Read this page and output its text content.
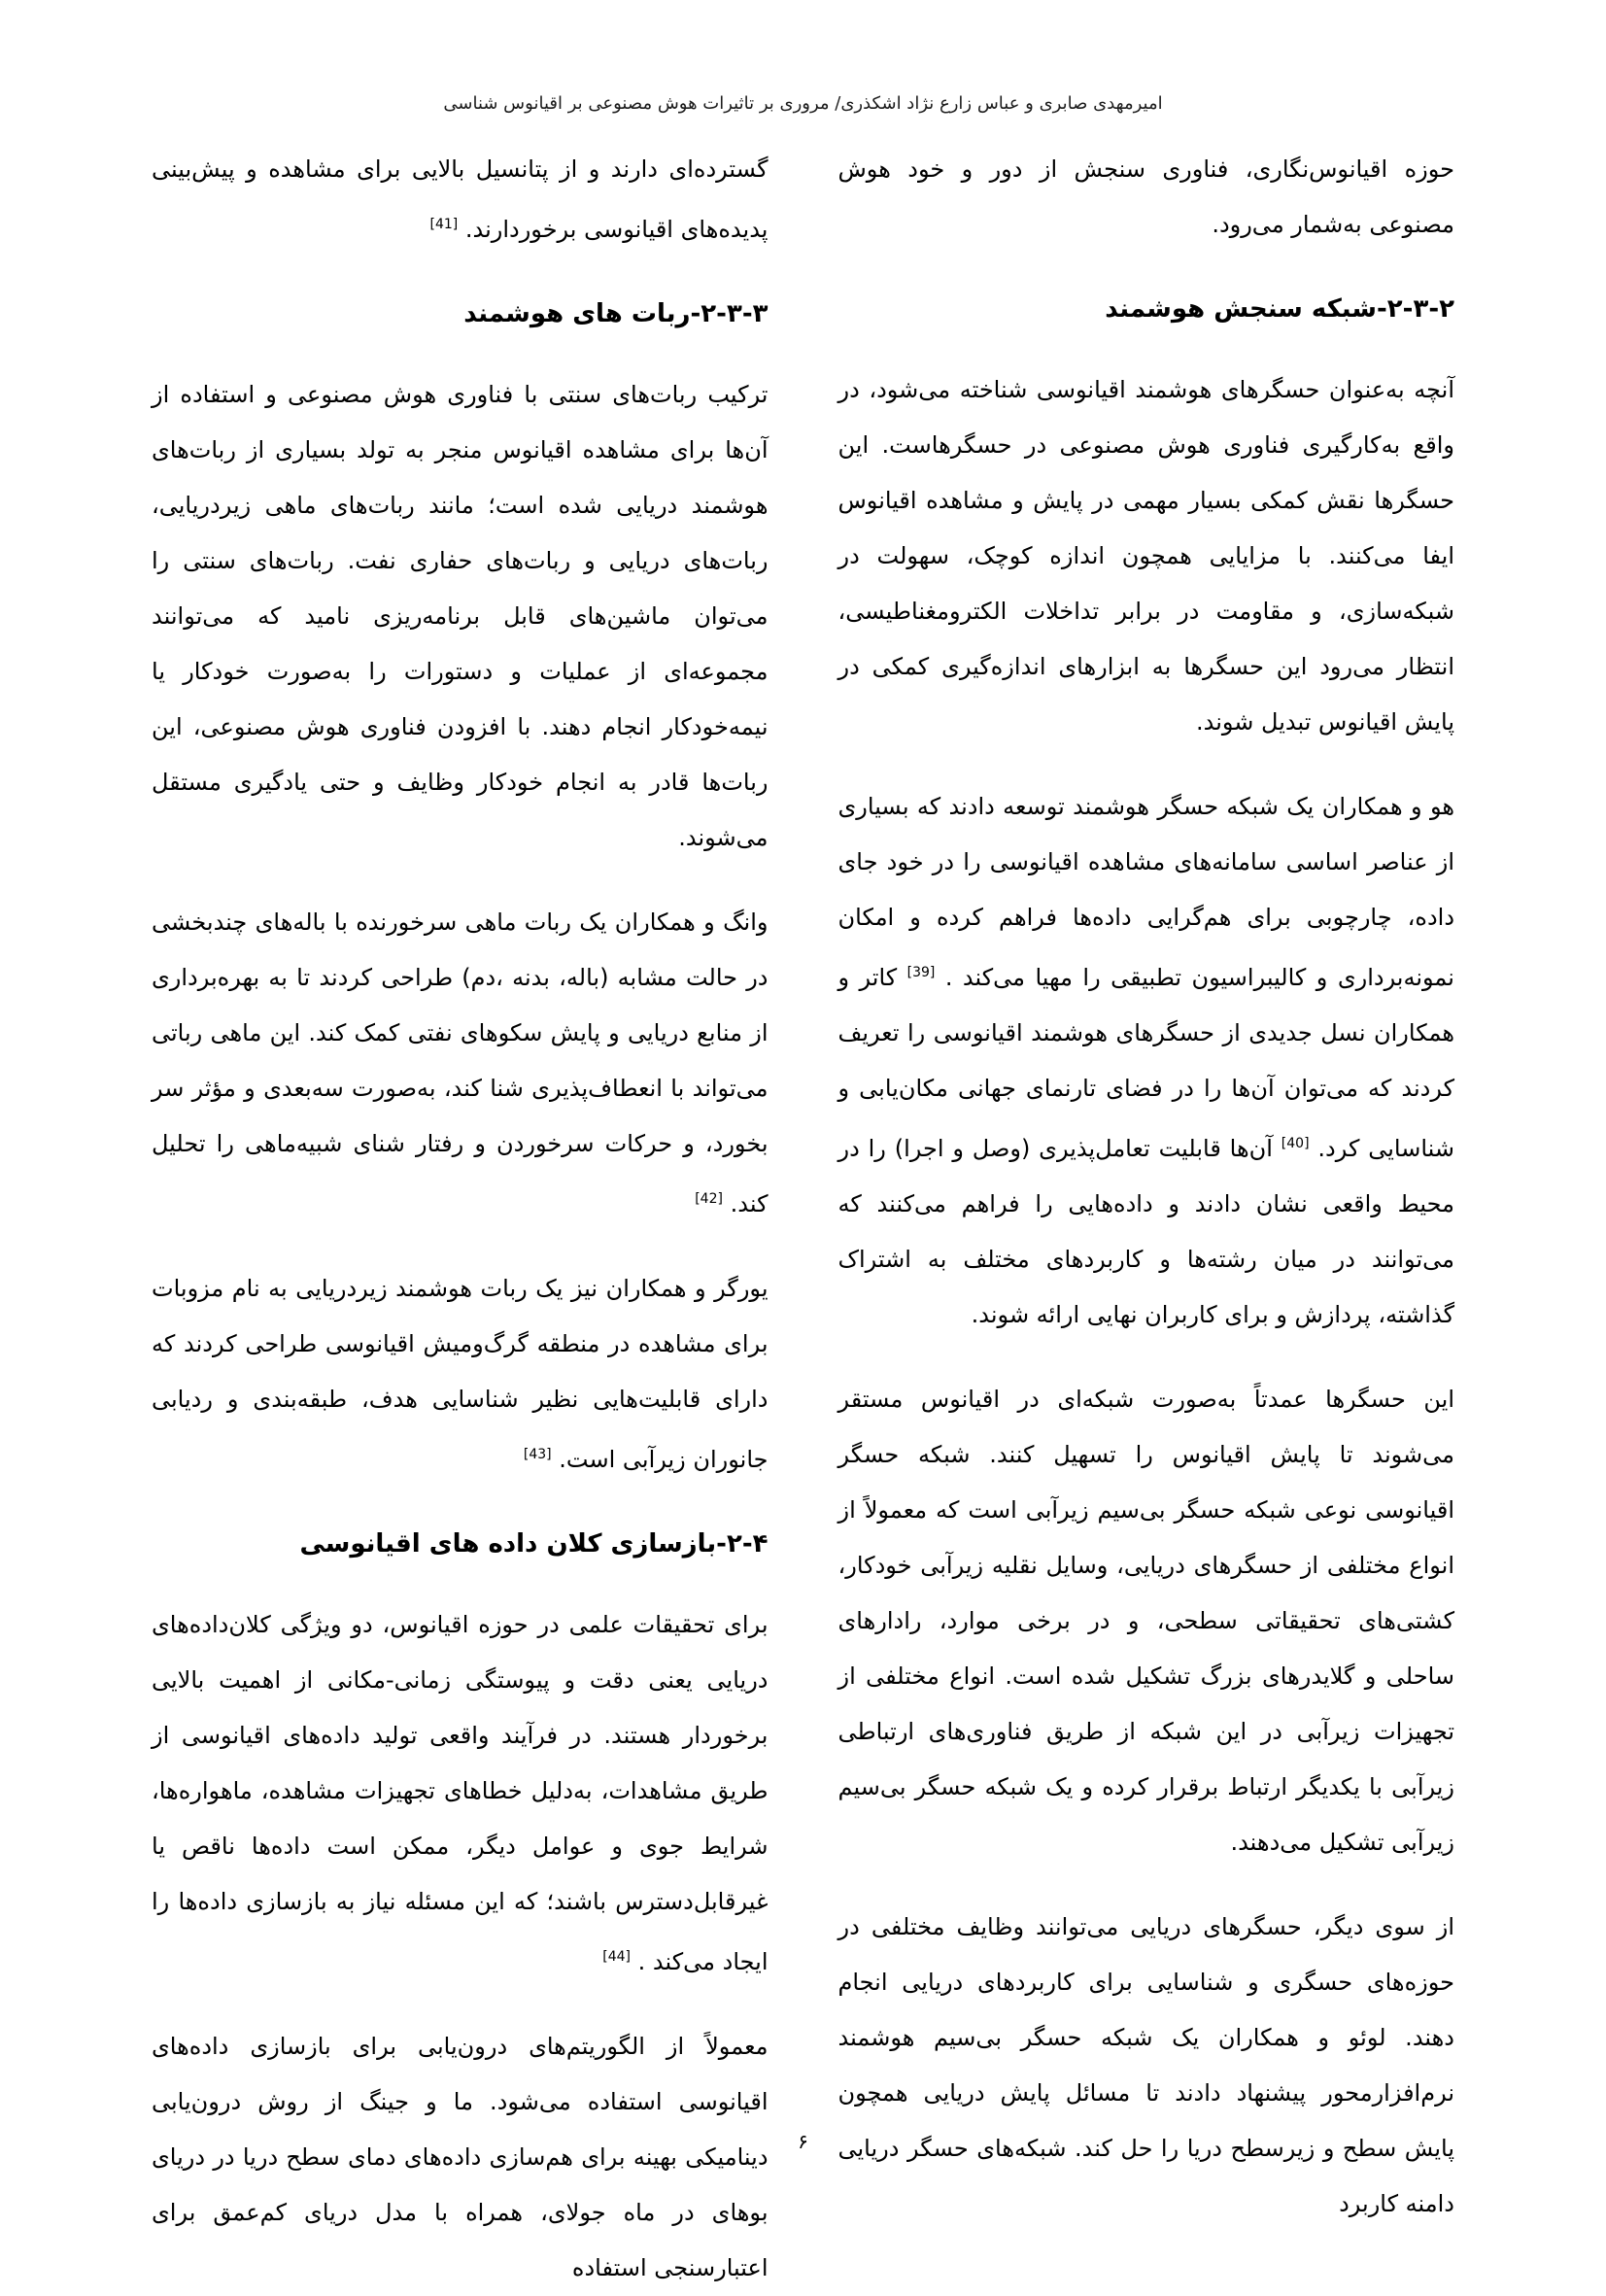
امیرمهدی صابری و عباس زارع نژاد اشکذری/ مروری بر تاثیرات هوش مصنوعی بر اقیانوس شناسی

حوزه اقیانوس‌نگاری، فناوری سنجش از دور و خود هوش مصنوعی به‌شمار می‌رود.

۲-۳-۲-شبکه سنجش هوشمند

آنچه به‌عنوان حسگرهای هوشمند اقیانوسی شناخته می‌شود، در واقع به‌کارگیری فناوری هوش مصنوعی در حسگرهاست. این حسگرها نقش کمکی بسیار مهمی در پایش و مشاهده اقیانوس ایفا می‌کنند. با مزایایی همچون اندازه کوچک، سهولت در شبکه‌سازی، و مقاومت در برابر تداخلات الکترومغناطیسی، انتظار می‌رود این حسگرها به ابزارهای اندازه‌گیری کمکی در پایش اقیانوس تبدیل شوند.

هو و همکاران یک شبکه حسگر هوشمند توسعه دادند که بسیاری از عناصر اساسی سامانه‌های مشاهده اقیانوسی را در خود جای داده، چارچوبی برای هم‌گرایی داده‌ها فراهم کرده و امکان نمونه‌برداری و کالیبراسیون تطبیقی را مهیا می‌کند . [39] کاتر و همکاران نسل جدیدی از حسگرهای هوشمند اقیانوسی را تعریف کردند که می‌توان آن‌ها را در فضای تارنمای جهانی مکان‌یابی و شناسایی کرد. [40] آن‌ها قابلیت تعامل‌پذیری (وصل و اجرا) را در محیط واقعی نشان دادند و داده‌هایی را فراهم می‌کنند که می‌توانند در میان رشته‌ها و کاربردهای مختلف به اشتراک گذاشته، پردازش و برای کاربران نهایی ارائه شوند.

این حسگرها عمدتاً به‌صورت شبکه‌ای در اقیانوس مستقر می‌شوند تا پایش اقیانوس را تسهیل کنند. شبکه حسگر اقیانوسی نوعی شبکه حسگر بی‌سیم زیرآبی است که معمولاً از انواع مختلفی از حسگرهای دریایی، وسایل نقلیه زیرآبی خودکار، کشتی‌های تحقیقاتی سطحی، و در برخی موارد، رادارهای ساحلی و گلایدرهای بزرگ تشکیل شده است. انواع مختلفی از تجهیزات زیرآبی در این شبکه از طریق فناوری‌های ارتباطی زیرآبی با یکدیگر ارتباط برقرار کرده و یک شبکه حسگر بی‌سیم زیرآبی تشکیل می‌دهند.

از سوی دیگر، حسگرهای دریایی می‌توانند وظایف مختلفی در حوزه‌های حسگری و شناسایی برای کاربردهای دریایی انجام دهند. لوئو و همکاران یک شبکه حسگر بی‌سیم هوشمند نرم‌افزارمحور پیشنهاد دادند تا مسائل پایش دریایی همچون پایش سطح و زیرسطح دریا را حل کند. شبکه‌های حسگر دریایی دامنه کاربرد

گسترده‌ای دارند و از پتانسیل بالایی برای مشاهده و پیش‌بینی پدیده‌های اقیانوسی برخوردارند. [41]

۲-۳-۳-ربات های هوشمند

ترکیب ربات‌های سنتی با فناوری هوش مصنوعی و استفاده از آن‌ها برای مشاهده اقیانوس منجر به تولد بسیاری از ربات‌های هوشمند دریایی شده است؛ مانند ربات‌های ماهی زیردریایی، ربات‌های دریایی و ربات‌های حفاری نفت. ربات‌های سنتی را می‌توان ماشین‌های قابل برنامه‌ریزی نامید که می‌توانند مجموعه‌ای از عملیات و دستورات را به‌صورت خودکار یا نیمه‌خودکار انجام دهند. با افزودن فناوری هوش مصنوعی، این ربات‌ها قادر به انجام خودکار وظایف و حتی یادگیری مستقل می‌شوند.

وانگ و همکاران یک ربات ماهی سرخورنده با باله‌های چندبخشی در حالت مشابه (باله، بدنه ،دم) طراحی کردند تا به بهره‌برداری از منابع دریایی و پایش سکوهای نفتی کمک کند. این ماهی رباتی می‌تواند با انعطاف‌پذیری شنا کند، به‌صورت سه‌بعدی و مؤثر سر بخورد، و حرکات سرخوردن و رفتار شنای شبیه‌ماهی را تحلیل کند. [42]

یورگر و همکاران نیز یک ربات هوشمند زیردریایی به نام مزوبات برای مشاهده در منطقه گرگ‌ومیش اقیانوسی طراحی کردند که دارای قابلیت‌هایی نظیر شناسایی هدف، طبقه‌بندی و ردیابی جانوران زیرآبی است. [43]

۲-۴-بازسازی کلان داده های اقیانوسی

برای تحقیقات علمی در حوزه اقیانوس، دو ویژگی کلان‌داده‌های دریایی یعنی دقت و پیوستگی زمانی-مکانی از اهمیت بالایی برخوردار هستند. در فرآیند واقعی تولید داده‌های اقیانوسی از طریق مشاهدات، به‌دلیل خطاهای تجهیزات مشاهده، ماهواره‌ها، شرایط جوی و عوامل دیگر، ممکن است داده‌ها ناقص یا غیرقابل‌دسترس باشند؛ که این مسئله نیاز به بازسازی داده‌ها را ایجاد می‌کند . [44]

معمولاً از الگوریتم‌های درون‌یابی برای بازسازی داده‌های اقیانوسی استفاده می‌شود. ما و جینگ از روش درون‌یابی دینامیکی بهینه برای هم‌سازی داده‌های دمای سطح دریا در دریای بوهای در ماه جولای، همراه با مدل دریای کم‌عمق برای اعتبارسنجی استفاده

۶
